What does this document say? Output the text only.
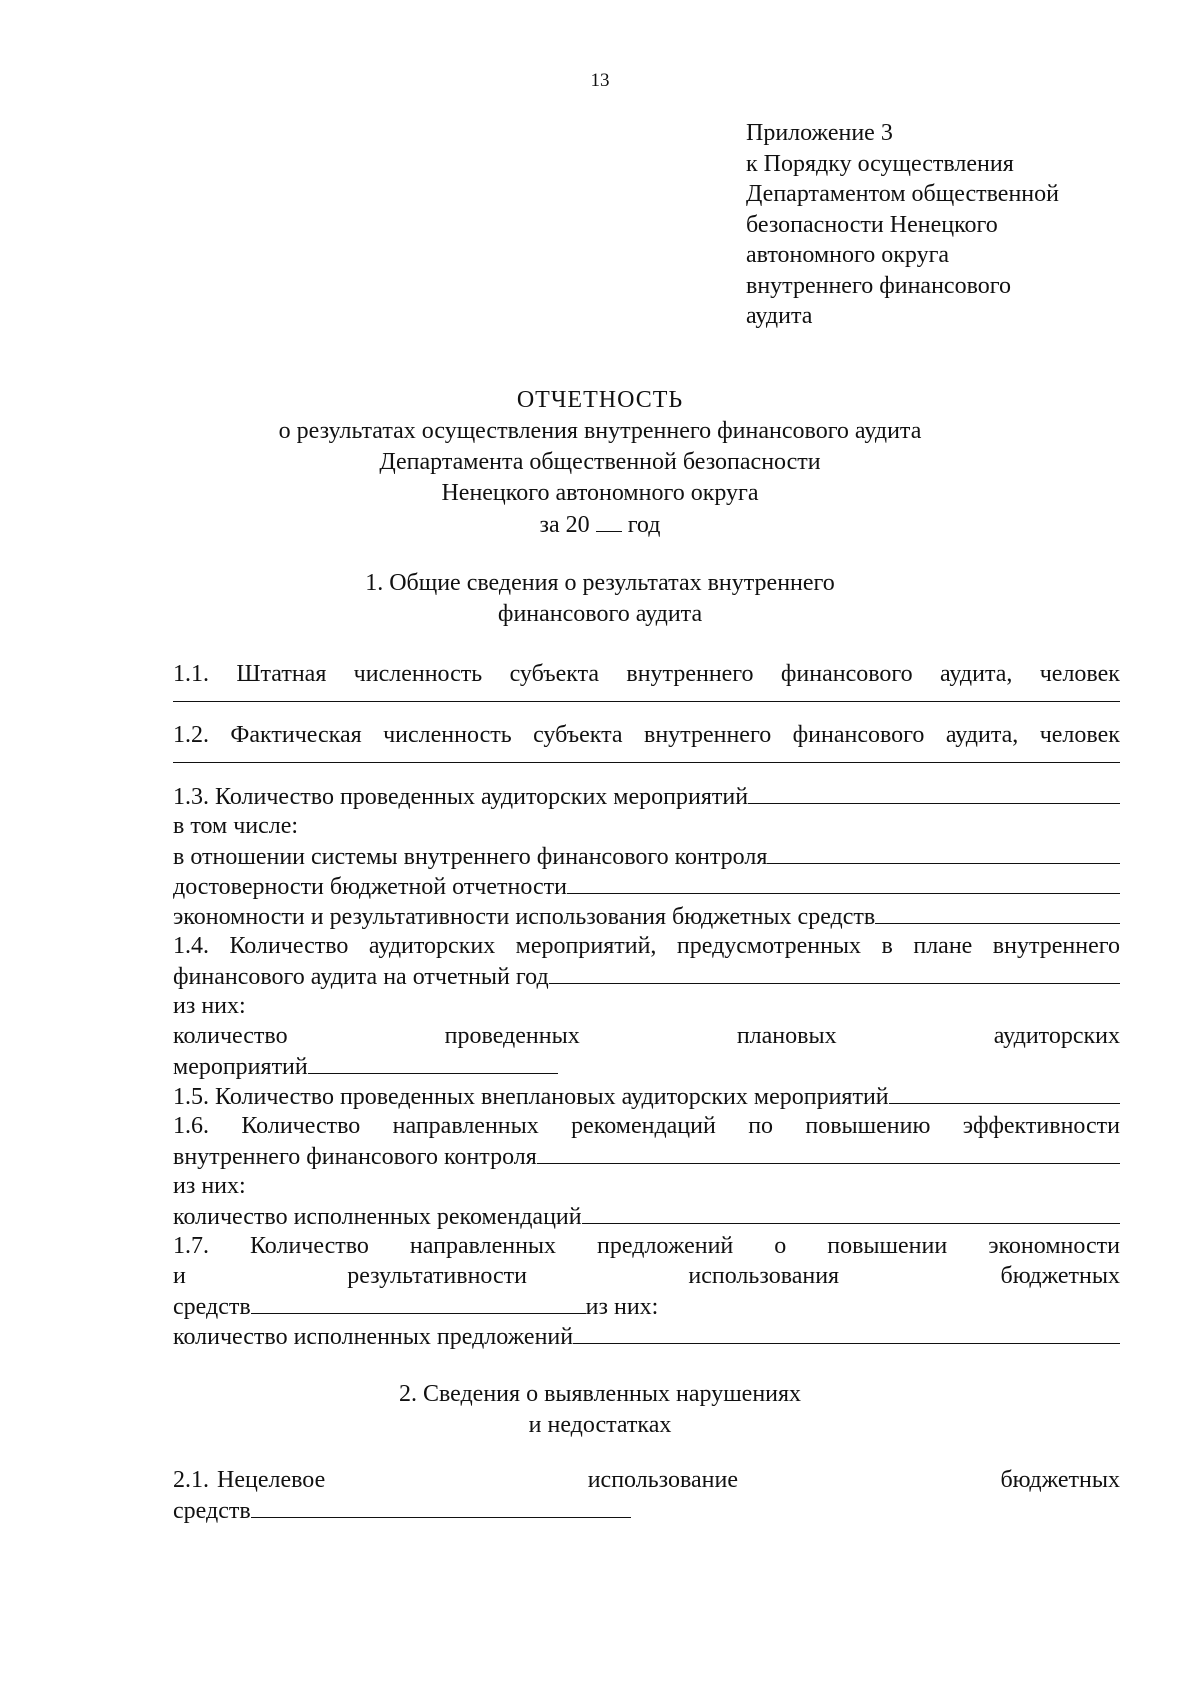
13
Приложение 3
к Порядку осуществления
Департаментом общественной
безопасности Ненецкого
автономного округа
внутреннего финансового
аудита
ОТЧЕТНОСТЬ
о результатах осуществления внутреннего финансового аудита
Департамента общественной безопасности
Ненецкого автономного округа
за 20 год
1. Общие сведения о результатах внутреннего
финансового аудита
1.1. Штатная численность субъекта внутреннего финансового аудита, человек
1.2. Фактическая численность субъекта внутреннего финансового аудита, человек
1.3. Количество проведенных аудиторских мероприятий
в том числе:
в отношении системы внутреннего финансового контроля
достоверности бюджетной отчетности
экономности и результативности использования бюджетных средств
1.4. Количество аудиторских мероприятий, предусмотренных в плане внутреннего
финансового аудита на отчетный год
из них:
количество	проведенных	плановых	аудиторских
мероприятий
1.5. Количество проведенных внеплановых аудиторских мероприятий
1.6. Количество направленных рекомендаций по повышению эффективности
внутреннего финансового контроля
из них:
количество исполненных рекомендаций
1.7. Количество направленных предложений о повышении экономности
и	результативности	использования	бюджетных
средств	из них:
количество исполненных предложений
2. Сведения о выявленных нарушениях
и недостатках
2.1. Нецелевое	использование	бюджетных
средств
